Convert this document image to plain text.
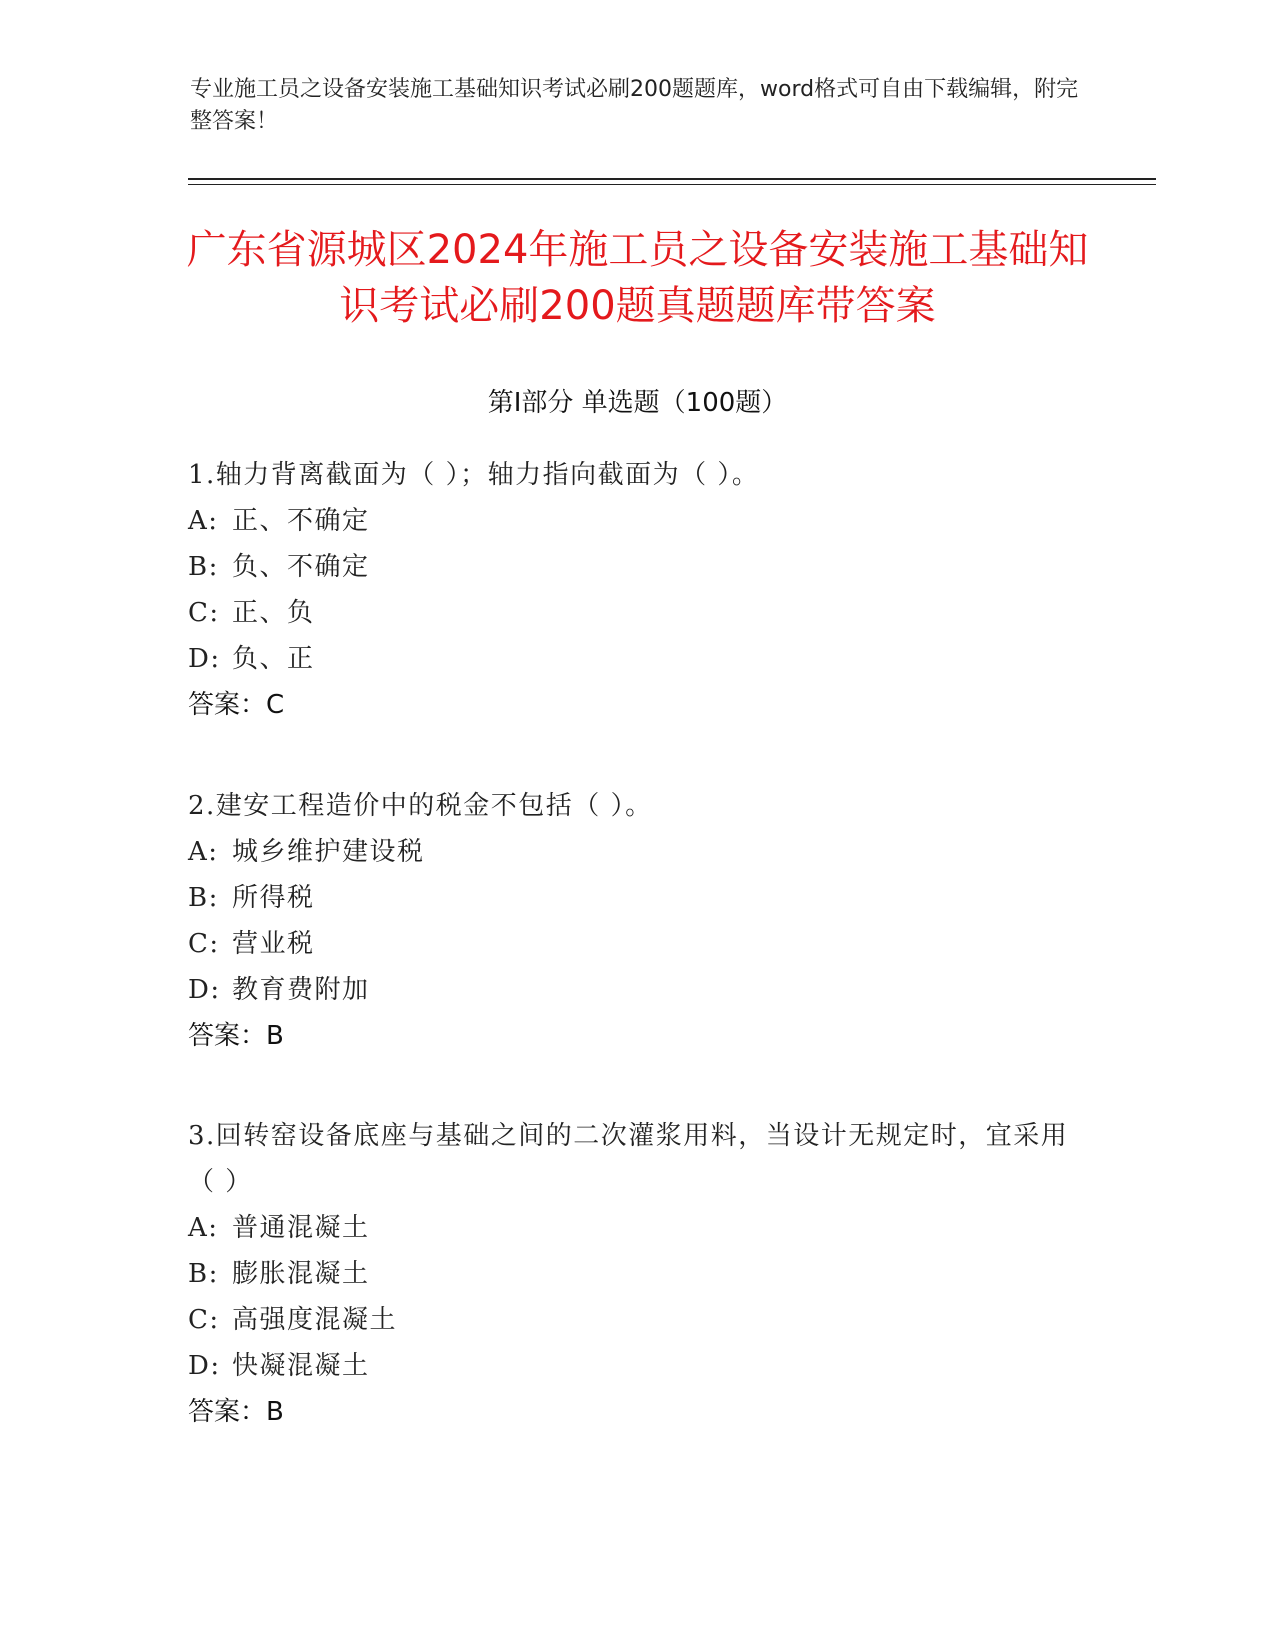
专业施工员之设备安装施工基础知识考试必刷200题题库，word格式可自由下载编辑，附完整答案！
广东省源城区2024年施工员之设备安装施工基础知识考试必刷200题真题题库带答案
第Ⅰ部分 单选题（100题）
1.轴力背离截面为（ ）；轴力指向截面为（ ）。
A: 正、不确定
B: 负、不确定
C: 正、负
D: 负、正
答案：C
2.建安工程造价中的税金不包括（ ）。
A: 城乡维护建设税
B: 所得税
C: 营业税
D: 教育费附加
答案：B
3.回转窑设备底座与基础之间的二次灌浆用料，当设计无规定时，宜采用（ ）
A: 普通混凝土
B: 膨胀混凝土
C: 高强度混凝土
D: 快凝混凝土
答案：B
